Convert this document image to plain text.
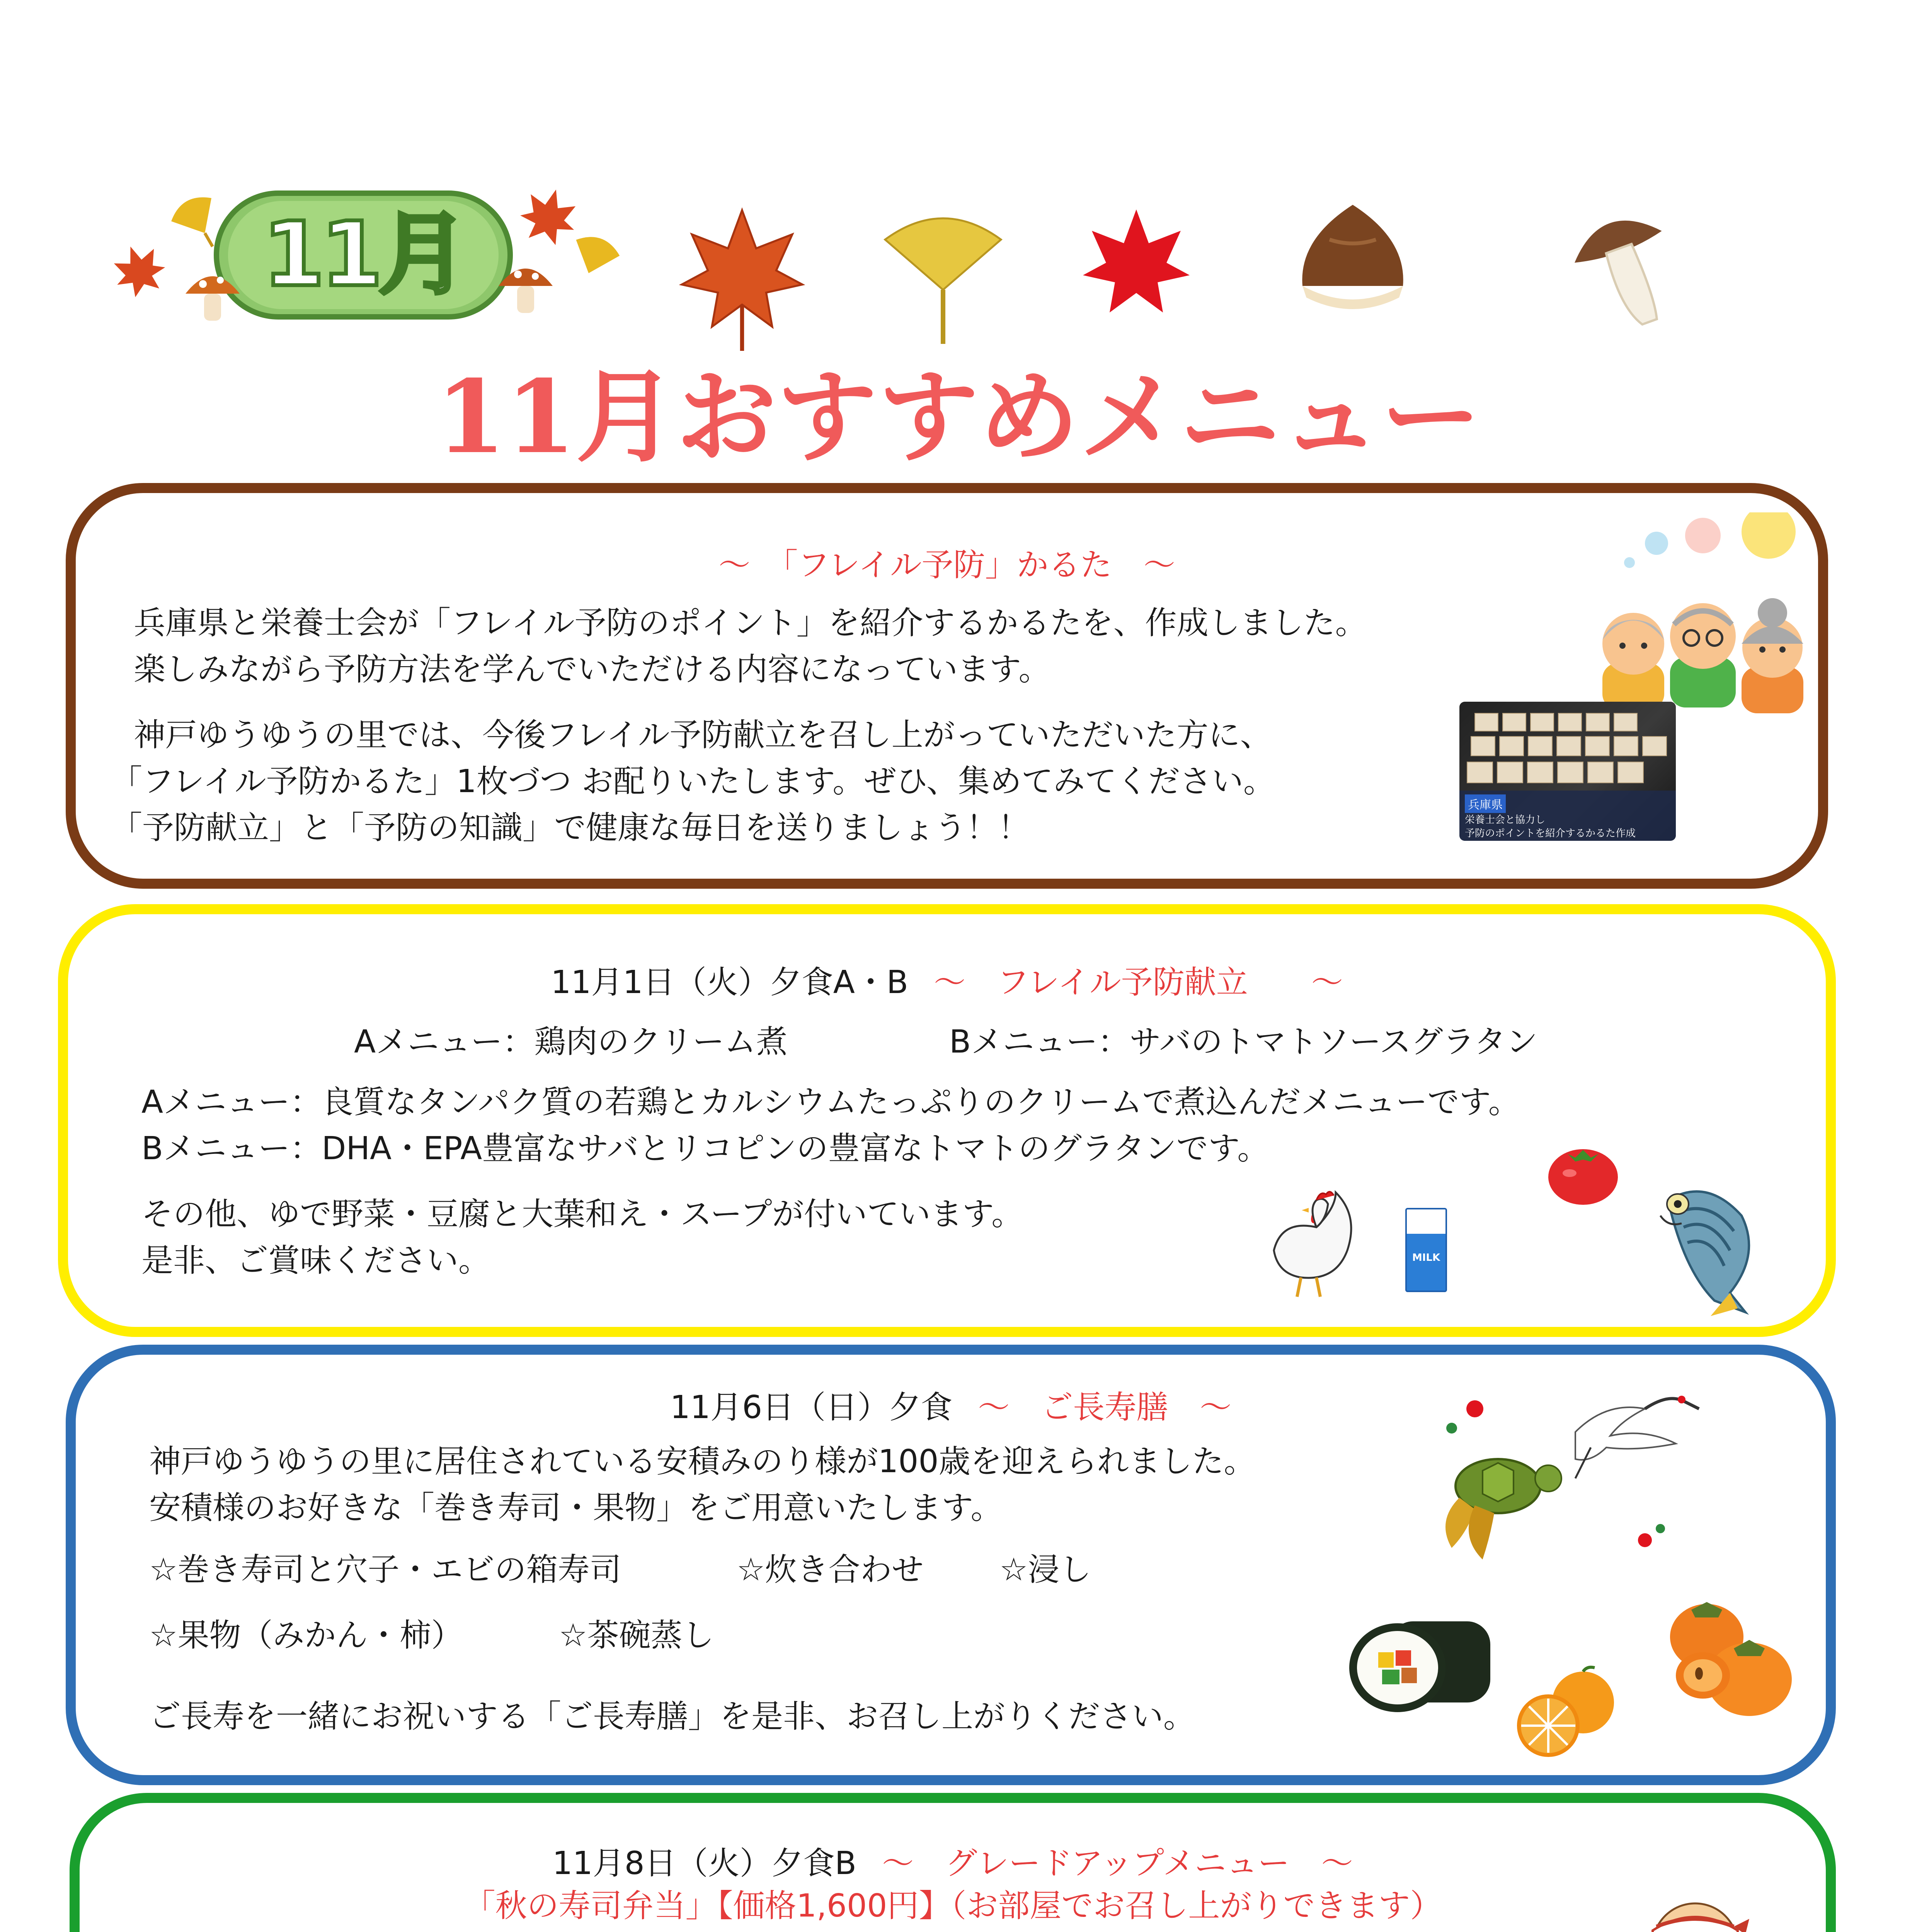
11月
11月おすすめメニュー
～　「フレイル予防」かるた　～
兵庫県と栄養士会が「フレイル予防のポイント」を紹介するかるたを、作成しました。
楽しみながら予防方法を学んでいただける内容になっています。
神戸ゆうゆうの里では、今後フレイル予防献立を召し上がっていただいた方に、
「フレイル予防かるた」1枚づつ お配りいたします。ぜひ、集めてみてください。
「予防献立」と「予防の知識」で健康な毎日を送りましょう！！
兵庫県
栄養士会と協力し
予防のポイントを紹介するかるた作成
11月1日（火）夕食A・B ～　フレイル予防献立　　～
Aメニュー：鶏肉のクリーム煮	Bメニュー：サバのトマトソースグラタン
Aメニュー：良質なタンパク質の若鶏とカルシウムたっぷりのクリームで煮込んだメニューです。
Bメニュー：DHA・EPA豊富なサバとリコピンの豊富なトマトのグラタンです。
その他、ゆで野菜・豆腐と大葉和え・スープが付いています。
是非、ご賞味ください。	MILK
11月6日（日）夕食 ～　ご長寿膳　～
神戸ゆうゆうの里に居住されている安積みのり様が100歳を迎えられました。
安積様のお好きな「巻き寿司・果物」をご用意いたします。
☆巻き寿司と穴子・エビの箱寿司	☆炊き合わせ ☆浸し
☆果物（みかん・柿）	☆茶碗蒸し
ご長寿を一緒にお祝いする「ご長寿膳」を是非、お召し上がりください。
11月8日（火）夕食B ～　グレードアップメニュー　～
「秋の寿司弁当」【価格1,600円】（お部屋でお召し上がりできます）
